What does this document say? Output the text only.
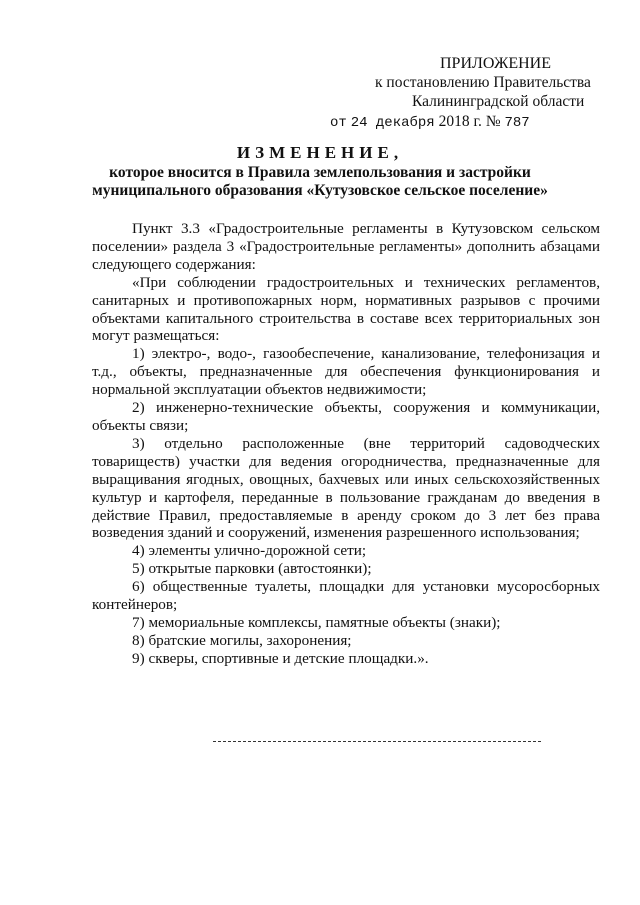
ПРИЛОЖЕНИЕ
к постановлению Правительства
Калининградской области
от 24 декабря 2018 г. № 787
ИЗМЕНЕНИЕ,
которое вносится в Правила землепользования и застройки
муниципального образования «Кутузовское сельское поселение»

Пункт 3.3 «Градостроительные регламенты в Кутузовском сельском поселении» раздела 3 «Градостроительные регламенты» дополнить абзацами следующего содержания:

«При соблюдении градостроительных и технических регламентов, санитарных и противопожарных норм, нормативных разрывов с прочими объектами капитального строительства в составе всех территориальных зон могут размещаться:

1) электро-, водо-, газообеспечение, канализование, телефонизация и т.д., объекты, предназначенные для обеспечения функционирования и нормальной эксплуатации объектов недвижимости;

2) инженерно-технические объекты, сооружения и коммуникации, объекты связи;

3) отдельно расположенные (вне территорий садоводческих товариществ) участки для ведения огородничества, предназначенные для выращивания ягодных, овощных, бахчевых или иных сельскохозяйственных культур и картофеля, переданные в пользование гражданам до введения в действие Правил, предоставляемые в аренду сроком до 3 лет без права возведения зданий и сооружений, изменения разрешенного использования;

4) элементы улично-дорожной сети;

5) открытые парковки (автостоянки);

6) общественные туалеты, площадки для установки мусоросборных контейнеров;

7) мемориальные комплексы, памятные объекты (знаки);

8) братские могилы, захоронения;

9) скверы, спортивные и детские площадки.».
